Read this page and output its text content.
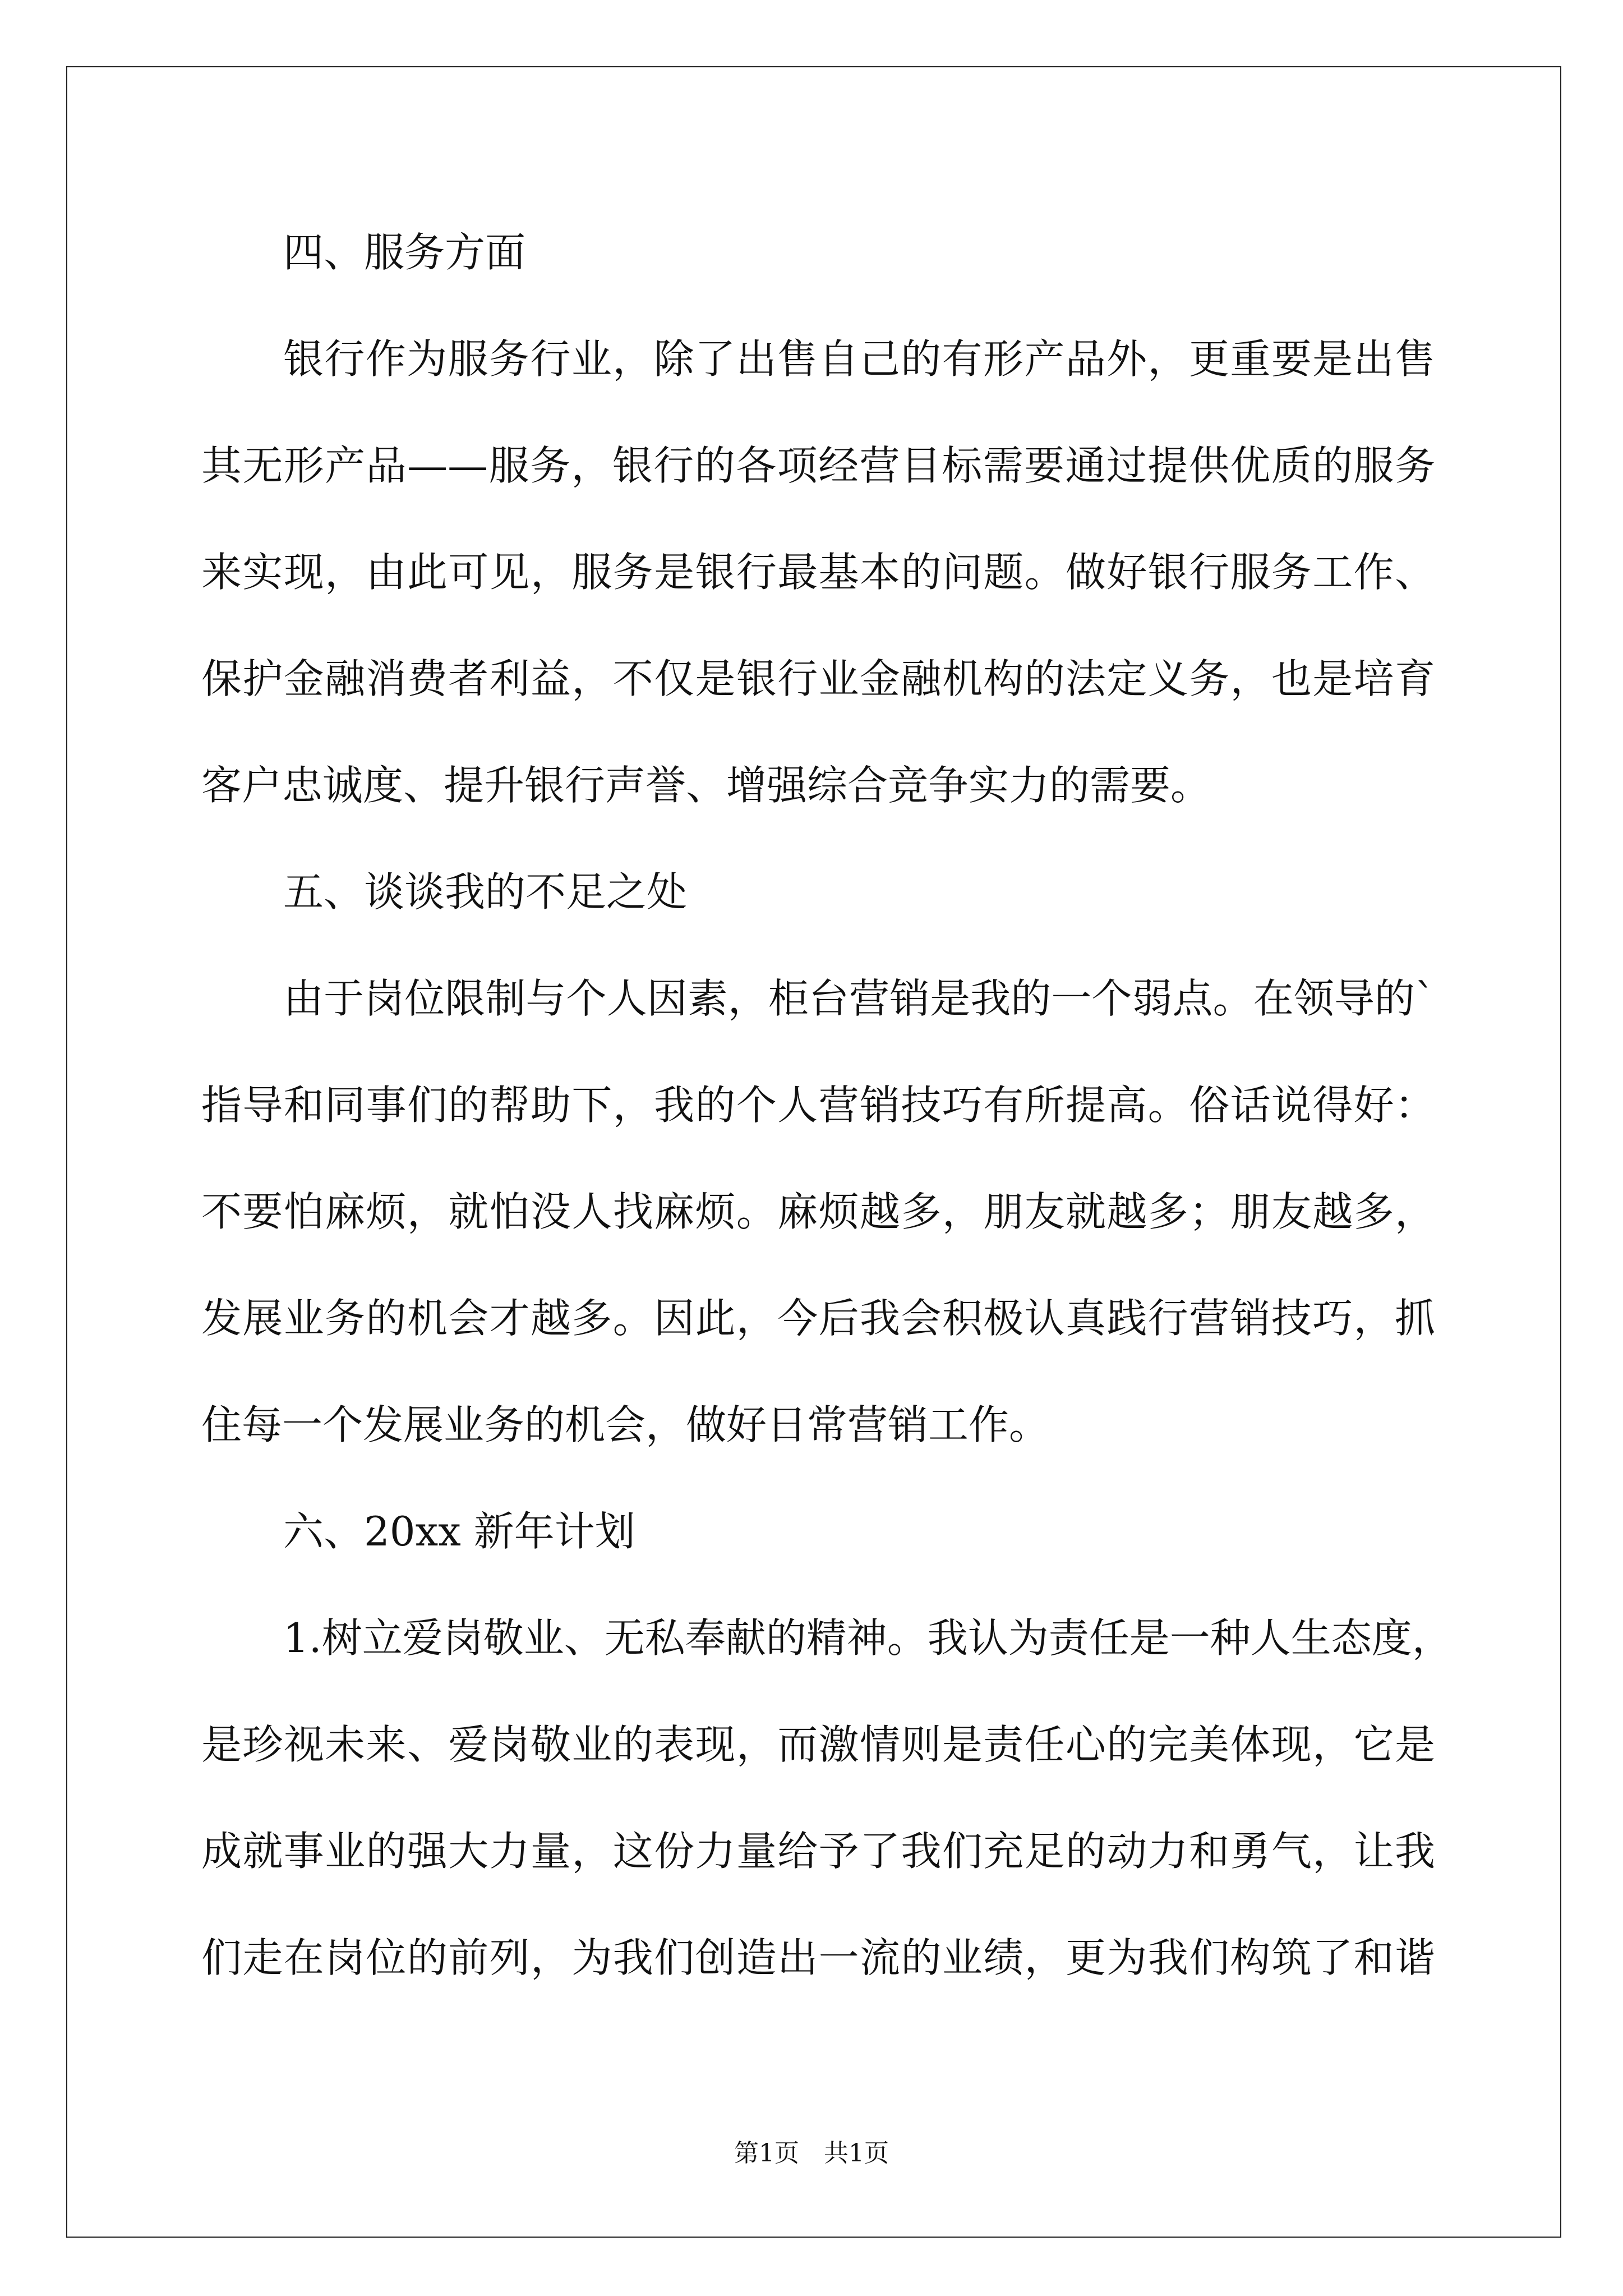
四、服务方面
银行作为服务行业，除了出售自己的有形产品外，更重要是出售
其无形产品——服务，银行的各项经营目标需要通过提供优质的服务
来实现，由此可见，服务是银行最基本的问题。做好银行服务工作、
保护金融消费者利益，不仅是银行业金融机构的法定义务，也是培育
客户忠诚度、提升银行声誉、增强综合竞争实力的需要。
五、谈谈我的不足之处
由于岗位限制与个人因素，柜台营销是我的一个弱点。在领导的`
指导和同事们的帮助下，我的个人营销技巧有所提高。俗话说得好：
不要怕麻烦，就怕没人找麻烦。麻烦越多，朋友就越多；朋友越多，
发展业务的机会才越多。因此，今后我会积极认真践行营销技巧，抓
住每一个发展业务的机会，做好日常营销工作。
六、20xx 新年计划
1.树立爱岗敬业、无私奉献的精神。我认为责任是一种人生态度，
是珍视未来、爱岗敬业的表现，而激情则是责任心的完美体现，它是
成就事业的强大力量，这份力量给予了我们充足的动力和勇气，让我
们走在岗位的前列，为我们创造出一流的业绩，更为我们构筑了和谐
第1页 共1页
